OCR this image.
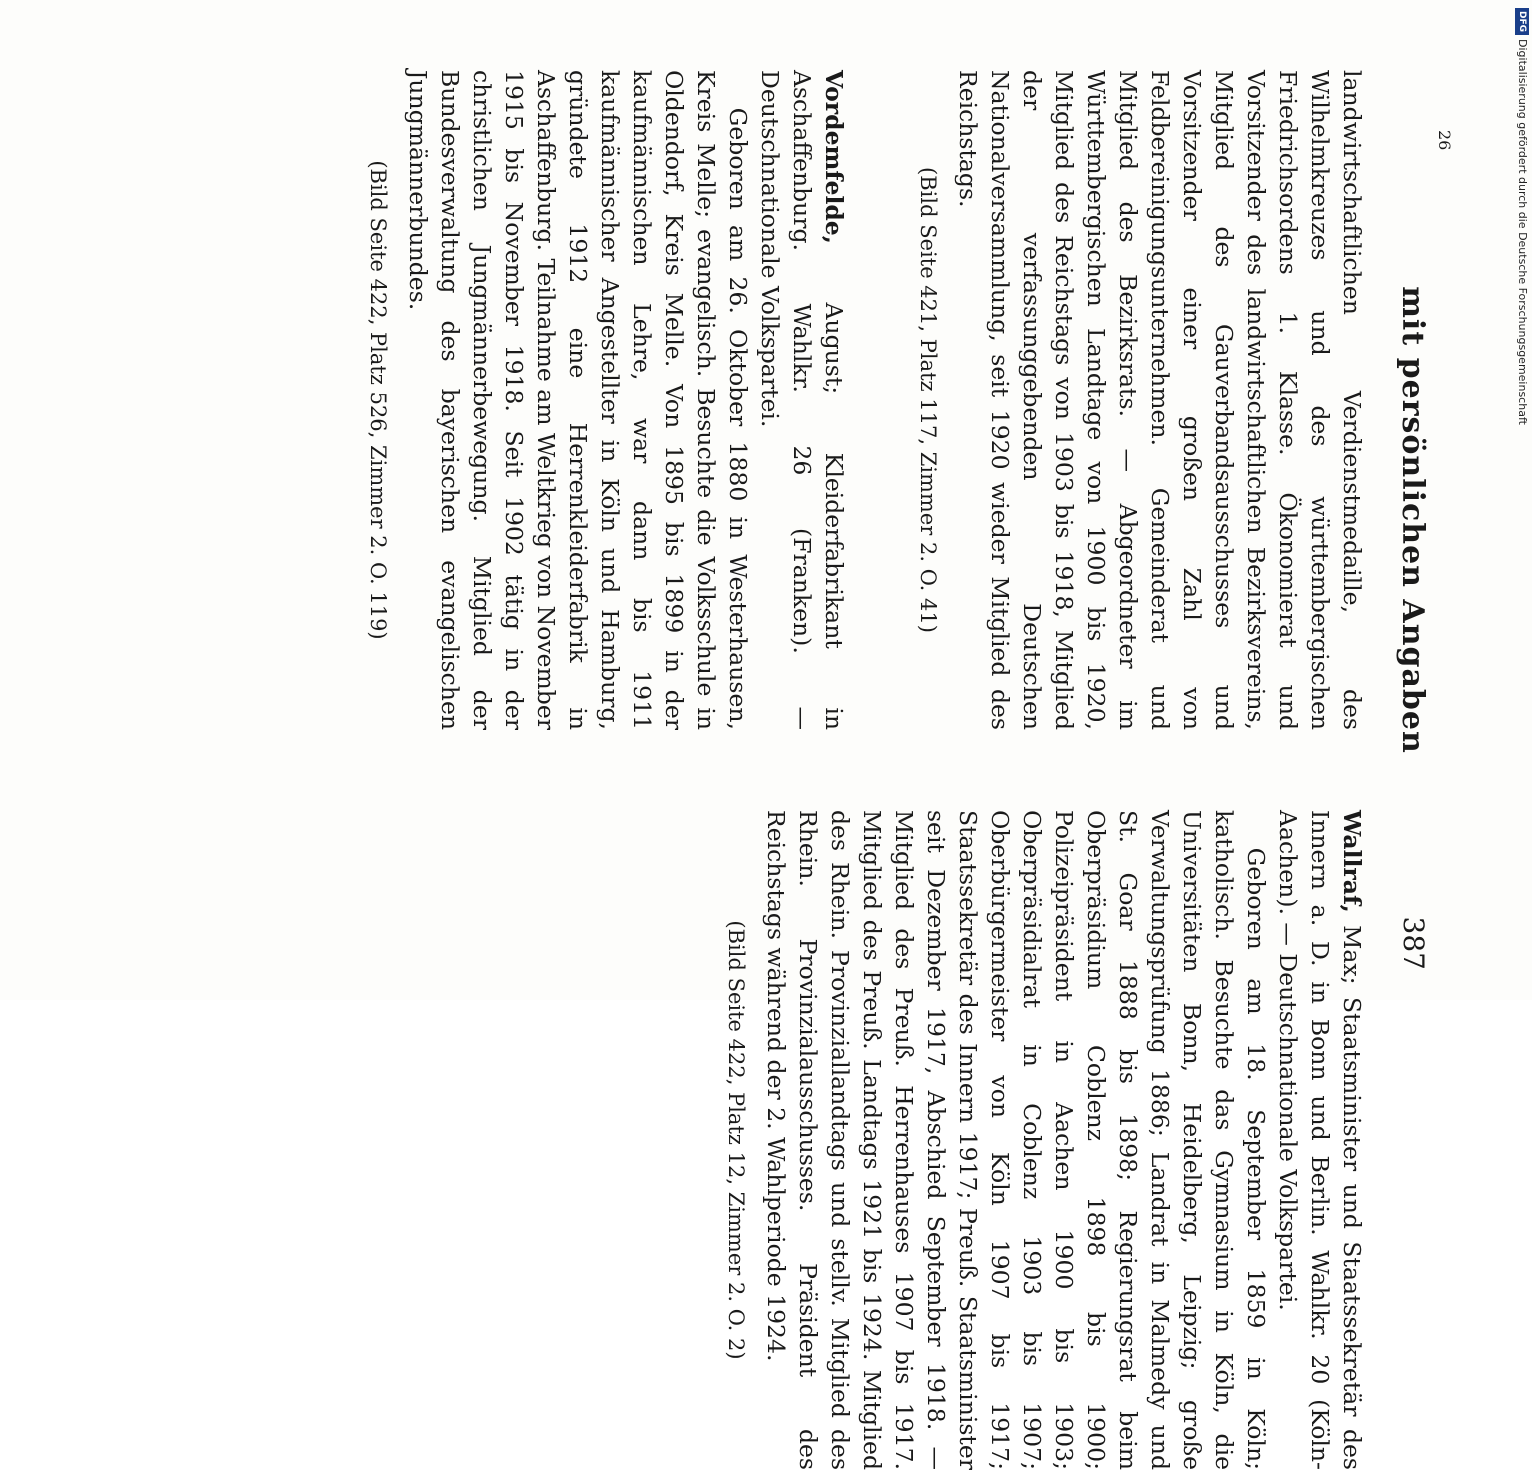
mit persönlichen Angaben
387

landwirtschaftlichen Verdienstmedaille, des Wilhelmkreuzes und des württembergischen Friedrichsordens 1. Klasse. Ökonomierat und Vorsitzender des landwirtschaftlichen Bezirksvereins, Mitglied des Gauverbandsausschusses und Vorsitzender einer großen Zahl von Feldbereinigungsunternehmen. Gemeinderat und Mitglied des Bezirksrats. — Abgeordneter im Württembergischen Landtage von 1900 bis 1920, Mitglied des Reichstags von 1903 bis 1918, Mitglied der verfassunggebenden Deutschen Nationalversammlung, seit 1920 wieder Mitglied des Reichstags.

(Bild Seite 421, Platz 117, Zimmer 2. O. 41)

Vordemfelde, August; Kleiderfabrikant in Aschaffenburg. Wahlkr. 26 (Franken). — Deutschnationale Volkspartei.

Geboren am 26. Oktober 1880 in Westerhausen, Kreis Melle; evangelisch. Besuchte die Volksschule in Oldendorf, Kreis Melle. Von 1895 bis 1899 in der kaufmännischen Lehre, war dann bis 1911 kaufmännischer Angestellter in Köln und Hamburg, gründete 1912 eine Herrenkleiderfabrik in Aschaffenburg. Teilnahme am Weltkrieg von November 1915 bis November 1918. Seit 1902 tätig in der christlichen Jungmännerbewegung. Mitglied der Bundesverwaltung des bayerischen evangelischen Jungmännerbundes.

(Bild Seite 422, Platz 526, Zimmer 2. O. 119)

Wallraf, Max; Staatsminister und Staatssekretär des Innern a. D. in Bonn und Berlin. Wahlkr. 20 (Köln-Aachen). — Deutschnationale Volkspartei.

Geboren am 18. September 1859 in Köln; katholisch. Besuchte das Gymnasium in Köln, die Universitäten Bonn, Heidelberg, Leipzig; große Verwaltungsprüfung 1886; Landrat in Malmedy und St. Goar 1888 bis 1898; Regierungsrat beim Oberpräsidium Coblenz 1898 bis 1900; Polizeipräsident in Aachen 1900 bis 1903; Oberpräsidialrat in Coblenz 1903 bis 1907; Oberbürgermeister von Köln 1907 bis 1917; Staatssekretär des Innern 1917; Preuß. Staatsminister seit Dezember 1917, Abschied September 1918. — Mitglied des Preuß. Herrenhauses 1907 bis 1917. Mitglied des Preuß. Landtags 1921 bis 1924. Mitglied des Rhein. Provinziallandtags und stellv. Mitglied des Rhein. Provinzialausschusses. Präsident des Reichstags während der 2. Wahlperiode 1924.

(Bild Seite 422, Platz 12, Zimmer 2. O. 2)
26
DFGDigitalisierung gefördert durch die Deutsche Forschungsgemeinschaft
